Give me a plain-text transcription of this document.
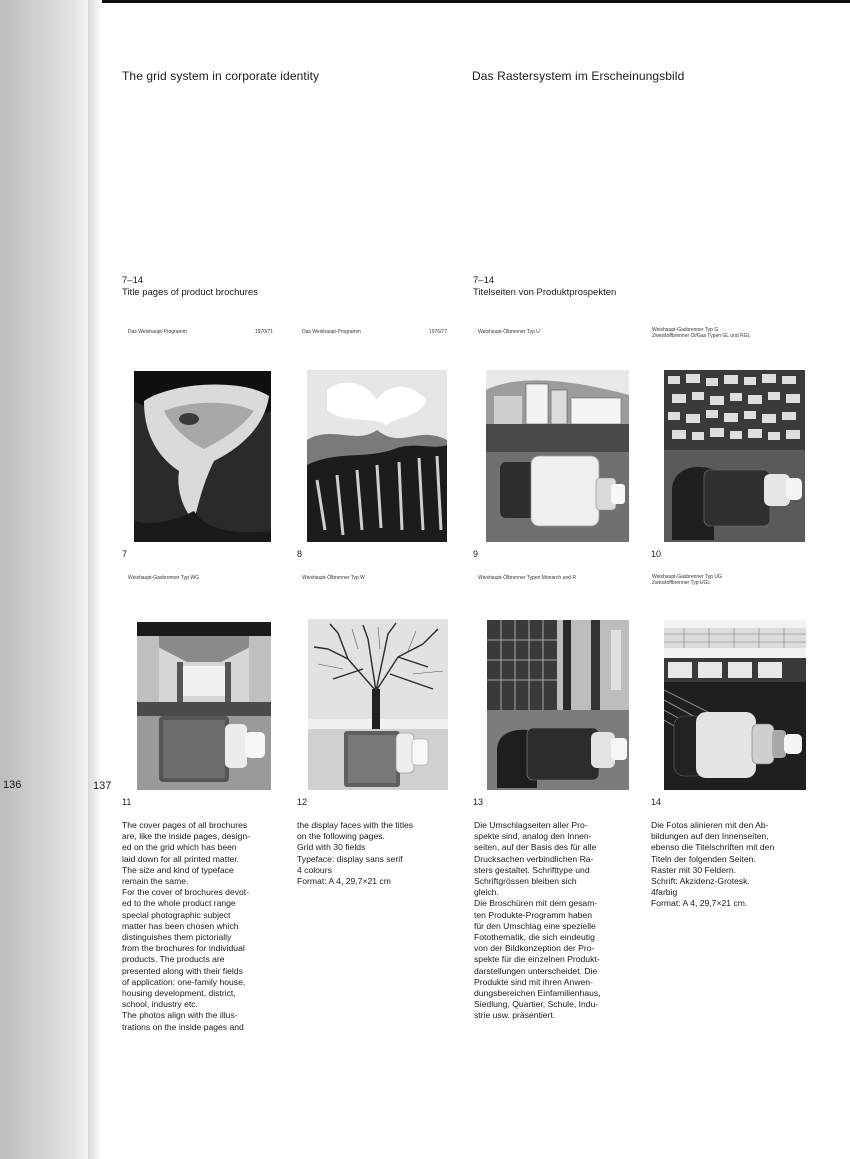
The grid system in corporate identity	Das Rastersystem im Erscheinungsbild
7–14
Title pages of product brochures
7–14
Titelseiten von Produktprospekten
Das Weishaupt-Programm	1970/71
7
Das Weishaupt-Programm	1976/77
8
Weishaupt-Ölbrenner Typ U
9
Weishaupt-Gasbrenner Typ G
Zweistoffbrenner Öl/Gas Typen GL und RGL
10
Weishaupt-Gasbrenner Typ WG
11
Weishaupt-Ölbrenner Typ W
12
Weishaupt-Ölbrenner Typen Monarch und R
13
Weishaupt-Gasbrenner Typ UG
Zweistoffbrenner Typ UGL
14
136	137
The cover pages of all brochures
are, like the inside pages, design-
ed on the grid which has been
laid down for all printed matter.
The size and kind of typeface
remain the same.
For the cover of brochures devot-
ed to the whole product range
special photographic subject
matter has been chosen which
distinguishes them pictorially
from the brochures for individual
products. The products are
presented along with their fields
of application: one-family house,
housing development, district,
school, industry etc.
The photos align with the illus-
trations on the inside pages and
the display faces with the titles
on the following pages.
Grid with 30 fields
Typeface: display sans serif
4 colours
Format: A 4, 29,7×21 cm
Die Umschlagseiten aller Pro-
spekte sind, analog den Innen-
seiten, auf der Basis des für alle
Drucksachen verbindlichen Ra-
sters gestaltet. Schrifttype und
Schriftgrössen bleiben sich
gleich.
Die Broschüren mit dem gesam-
ten Produkte-Programm haben
für den Umschlag eine spezielle
Fotothematik, die sich eindeutig
von der Bildkonzeption der Pro-
spekte für die einzelnen Produkt-
darstellungen unterscheidet. Die
Produkte sind mit ihren Anwen-
dungsbereichen Einfamilienhaus,
Siedlung, Quartier, Schule, Indu-
strie usw. präsentiert.
Die Fotos alinieren mit den Ab-
bildungen auf den Innenseiten,
ebenso die Titelschriften mit den
Titeln der folgenden Seiten.
Raster mit 30 Feldern.
Schrift: Akzidenz-Grotesk.
4farbig
Format: A 4, 29,7×21 cm.
